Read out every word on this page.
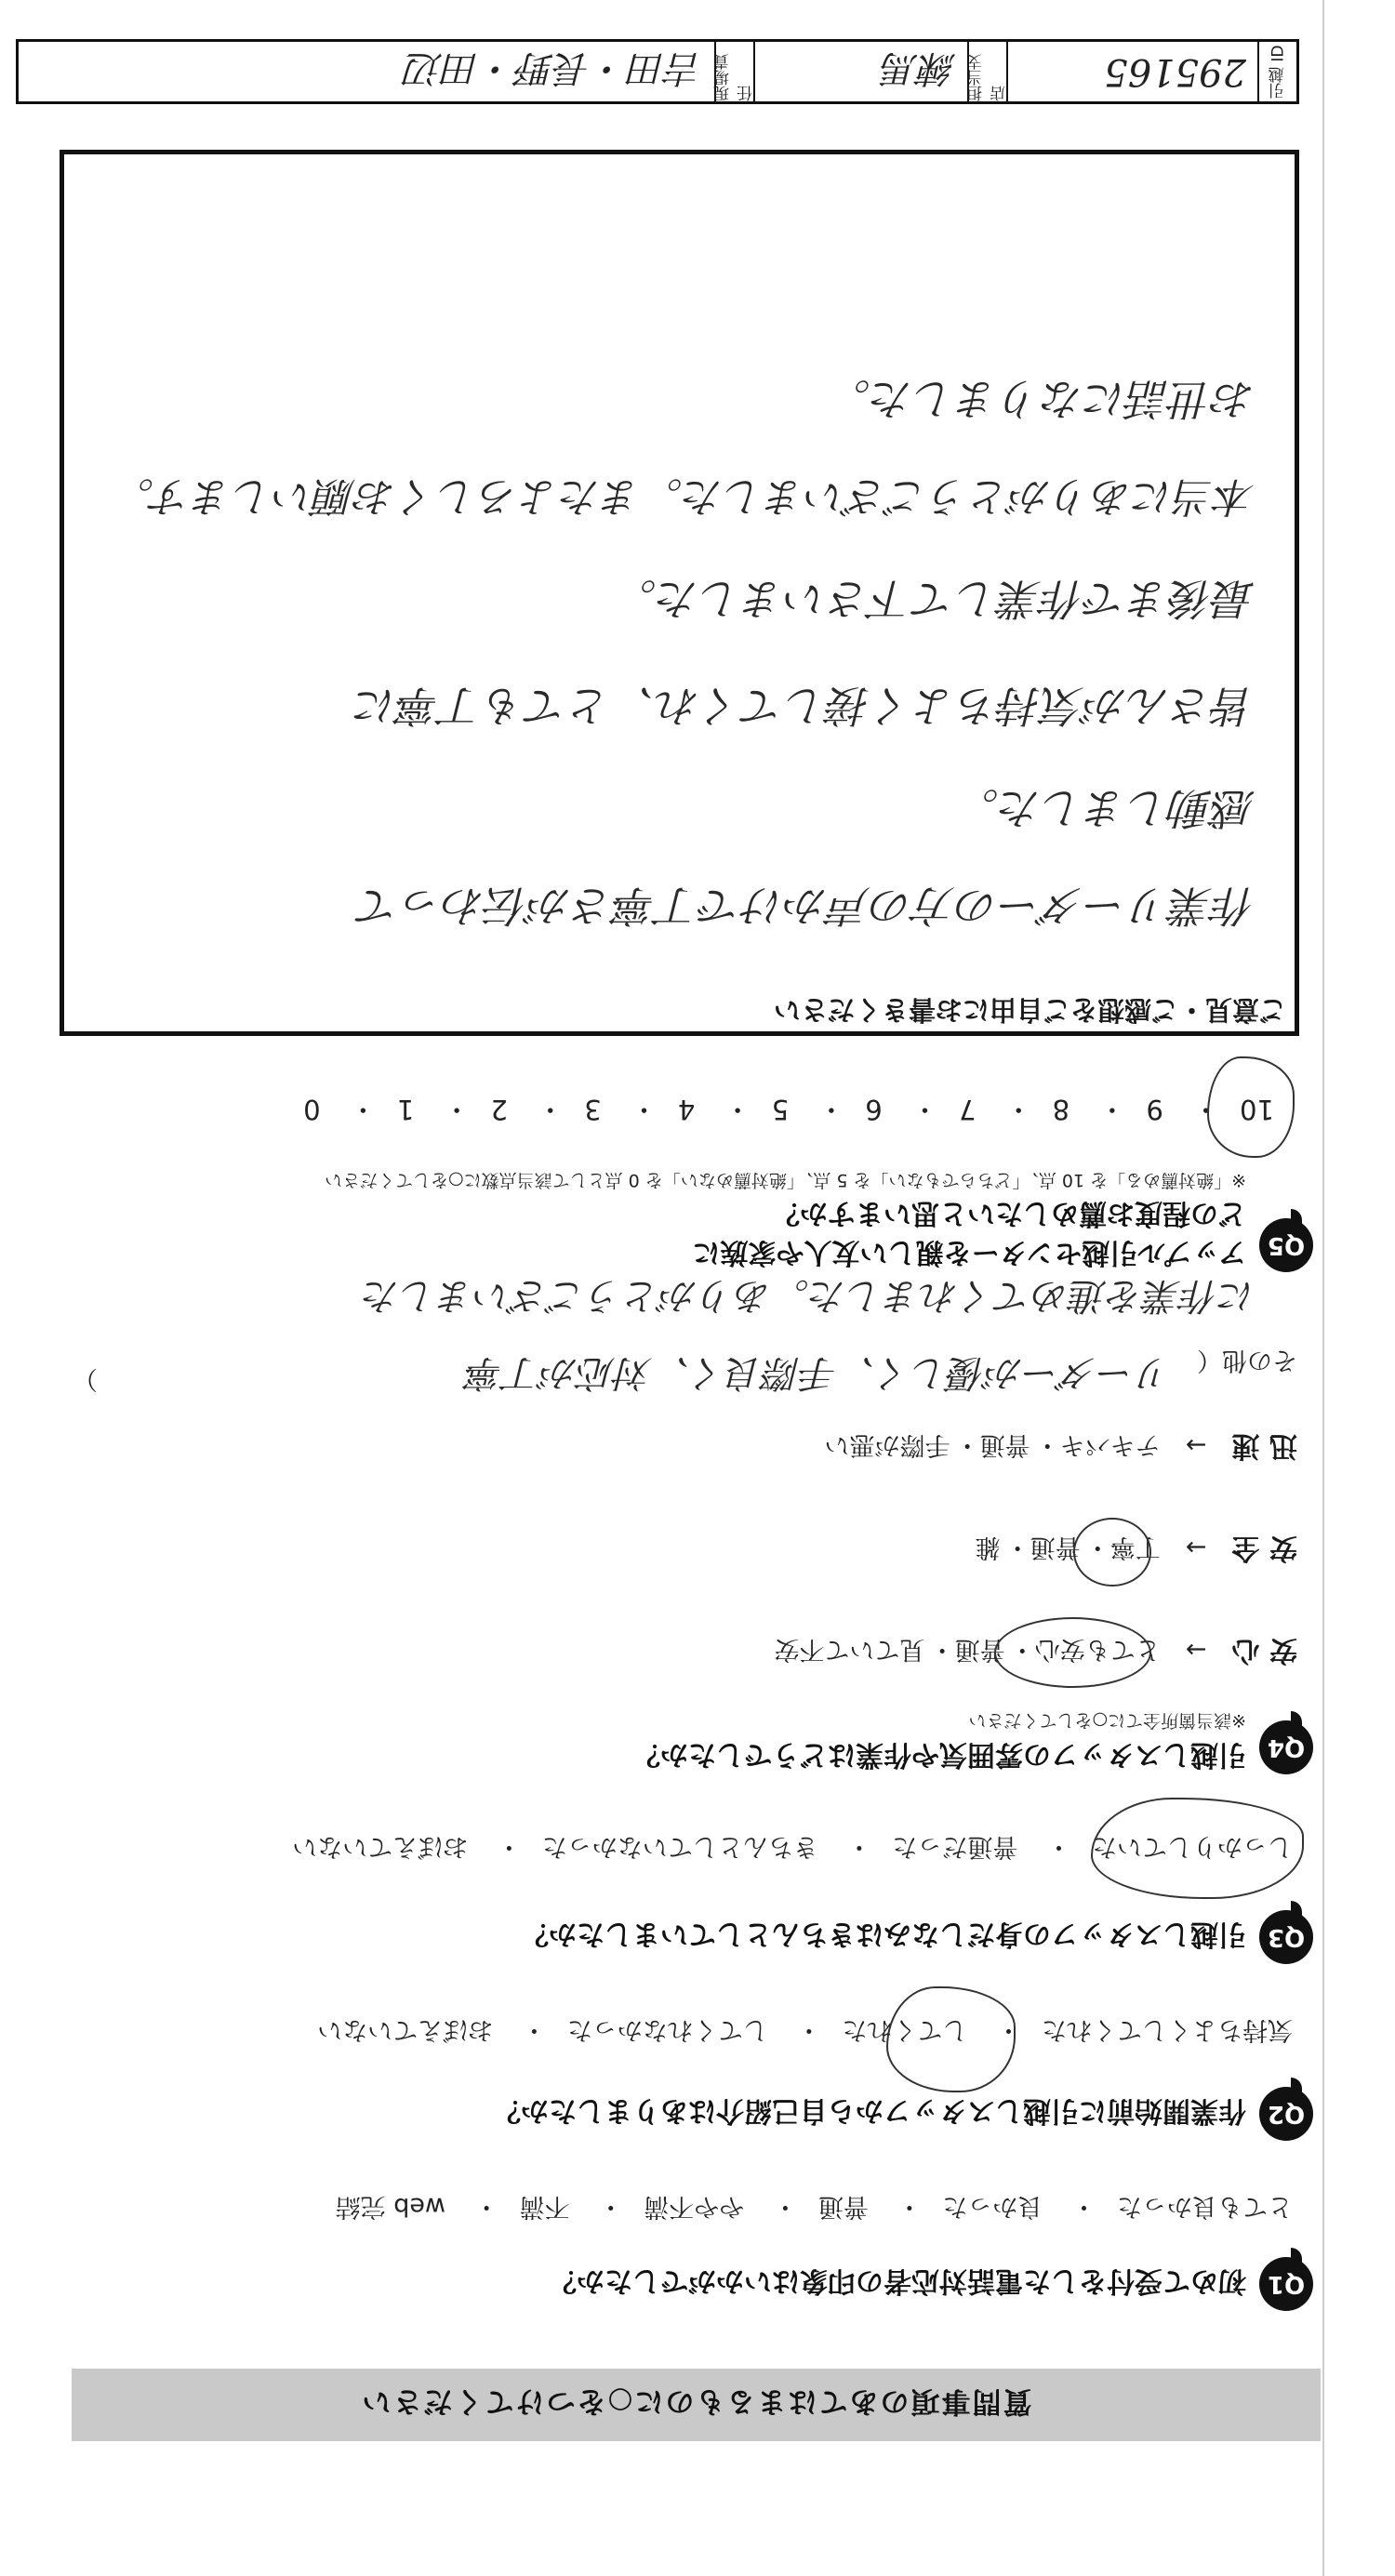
質問事項のあてはまるものに○をつけてください
Q1
初めて受付をした電話対応者の印象はいかがでしたか？
とても良かった・ 良かった・ 普通・ やや不満・ 不満・ web 完結
Q2
作業開始前に引越しスタッフから自己紹介はありましたか？
気持ちよくしてくれた・ してくれた・ してくれなかった・ おぼえていない
Q3
引越しスタッフの身だしなみはきちんとしていましたか？
しっかりしていた・ 普通だった・ きちんとしていなかった・ おぼえていない
Q4
引越しスタッフの雰囲気や作業はどうでしたか？
※該当箇所全てに○をしてください
安 心 → とても安心・ 普通・ 見ていて不安
安 全 → 丁寧・ 普通・ 雑
迅 速 → テキパキ・ 普通・ 手際が悪い
その他（
）	リーダーが優しく、手際良く、対応が丁寧
に作業を進めてくれました。ありがとうございました
Q5
アップル引越センターを親しい友人や家族に
どの程度お薦めしたいと思いますか？
※「絶対薦める」を 10 点、「どちらでもない」を 5 点、「絶対薦めない」を 0 点として該当点数に○をしてください
10・ 9・ 8・ 7・ 6・ 5・ 4・ 3・ 2・ 1・ 0
ご意見・ご感想をご自由にお書きください
作業リーダーの方の声かけで丁寧さが伝わって
感動しました。
皆さんが気持ちよく接してくれ、とても丁寧に
最後まで作業して下さいました。
本当にありがとうございました。またよろしくお願いします。
お世話になりました。
引越 ID
295165
担当支店
練馬
現場責任
吉田・長野・田辺
